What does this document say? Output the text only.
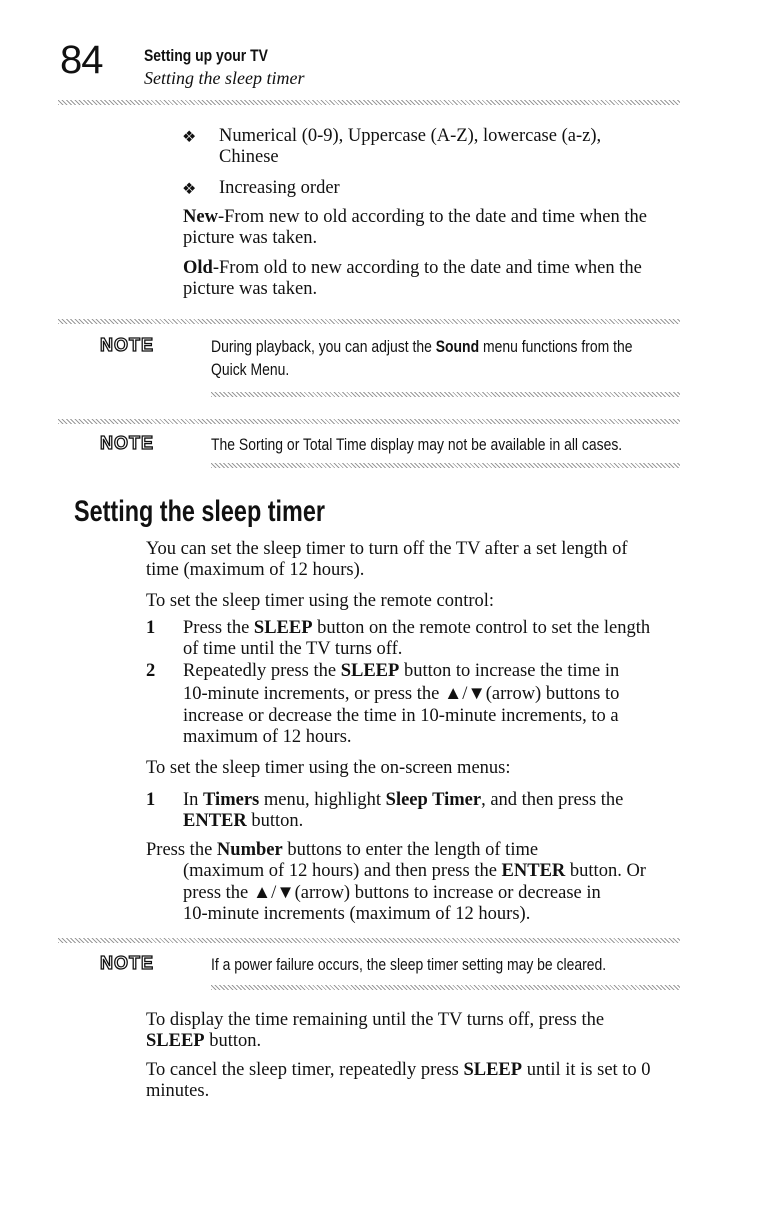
84 Setting up your TV
Setting the sleep timer
❖ Numerical (0-9), Uppercase (A-Z), lowercase (a-z),
Chinese
❖ Increasing order
New-From new to old according to the date and time when the
picture was taken.
Old-From old to new according to the date and time when the
picture was taken.
NOTE	During playback, you can adjust the Sound menu functions from the
Quick Menu.
NOTE	The Sorting or Total Time display may not be available in all cases.
Setting the sleep timer
You can set the sleep timer to turn off the TV after a set length of
time (maximum of 12 hours).
To set the sleep timer using the remote control:
1 Press the SLEEP button on the remote control to set the length
of time until the TV turns off.
2 Repeatedly press the SLEEP button to increase the time in
10-minute increments, or press the ▲/▼(arrow) buttons to
increase or decrease the time in 10-minute increments, to a
maximum of 12 hours.
To set the sleep timer using the on-screen menus:
1 In Timers menu, highlight Sleep Timer, and then press the
ENTER button.
Press the Number buttons to enter the length of time
(maximum of 12 hours) and then press the ENTER button. Or
press the ▲/▼(arrow) buttons to increase or decrease in
10-minute increments (maximum of 12 hours).
NOTE	If a power failure occurs, the sleep timer setting may be cleared.
To display the time remaining until the TV turns off, press the
SLEEP button.
To cancel the sleep timer, repeatedly press SLEEP until it is set to 0
minutes.
